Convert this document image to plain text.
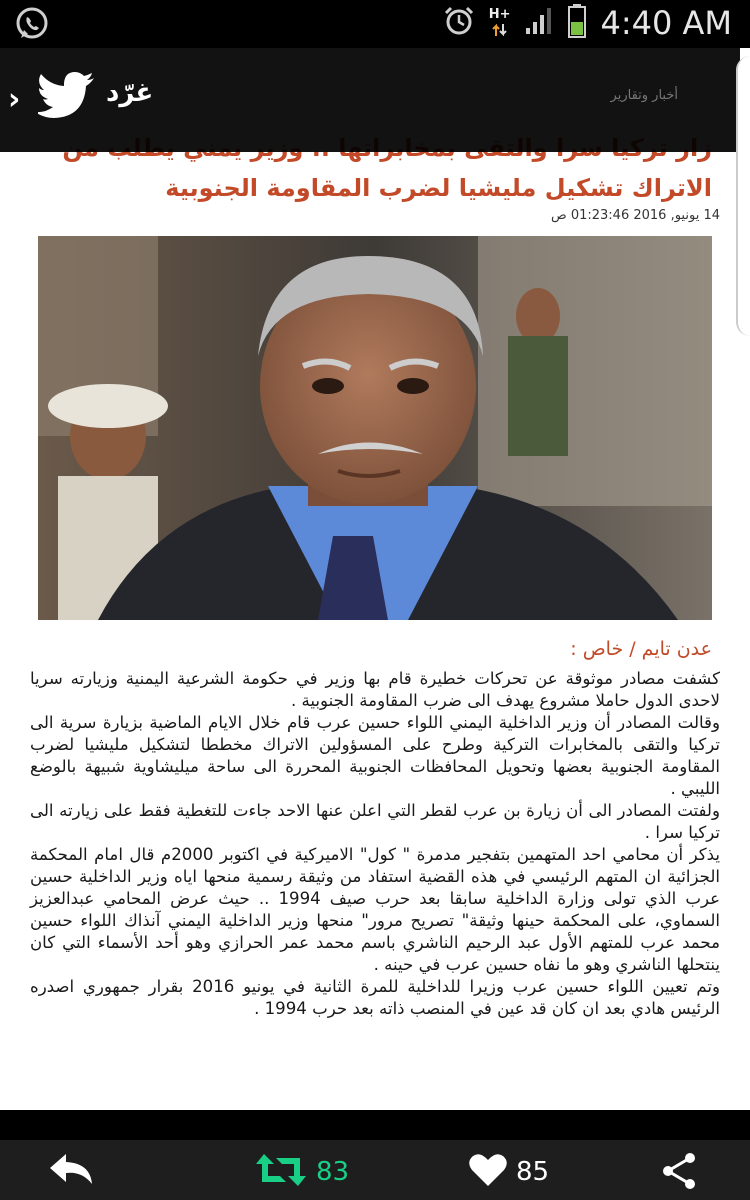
H+	4:40 AM
الاتراك تشكيل مليشيا لضرب المقاومة الجنوبية
14 يونيو, 2016 01:23:46 ص
عدن تايم / خاص :

كشفت مصادر موثوقة عن تحركات خطيرة قام بها وزير في حكومة الشرعية اليمنية وزيارته سريا لاحدى الدول حاملا مشروع يهدف الى ضرب المقاومة الجنوبية .

وقالت المصادر أن وزير الداخلية اليمني اللواء حسين عرب قام خلال الايام الماضية بزيارة سرية الى تركيا والتقى بالمخابرات التركية وطرح على المسؤولين الاتراك مخططا لتشكيل مليشيا لضرب المقاومة الجنوبية بعضها وتحويل المحافظات الجنوبية المحررة الى ساحة ميليشاوية شبيهة بالوضع الليبي .

ولفتت المصادر الى أن زيارة بن عرب لقطر التي اعلن عنها الاحد جاءت للتغطية فقط على زيارته الى تركيا سرا .

يذكر أن محامي احد المتهمين بتفجير مدمرة " كول" الاميركية في اكتوبر 2000م قال امام المحكمة الجزائية ان المتهم الرئيسي في هذه القضية استفاد من وثيقة رسمية منحها اياه وزير الداخلية حسين عرب الذي تولى وزارة الداخلية سابقا بعد حرب صيف 1994 .. حيث عرض المحامي عبدالعزيز السماوي، على المحكمة حينها وثيقة" تصريح مرور" منحها وزير الداخلية اليمني آنذاك اللواء حسين محمد عرب للمتهم الأول عبد الرحيم الناشري باسم محمد عمر الحرازي وهو أحد الأسماء التي كان ينتحلها الناشري وهو ما نفاه حسين عرب في حينه .

وتم تعيين اللواء حسين عرب وزيرا للداخلية للمرة الثانية في يونيو 2016 بقرار جمهوري اصدره الرئيس هادي بعد ان كان قد عين في المنصب ذاته بعد حرب 1994 .

›	غرّد	أخبار وتقارير
83	85
